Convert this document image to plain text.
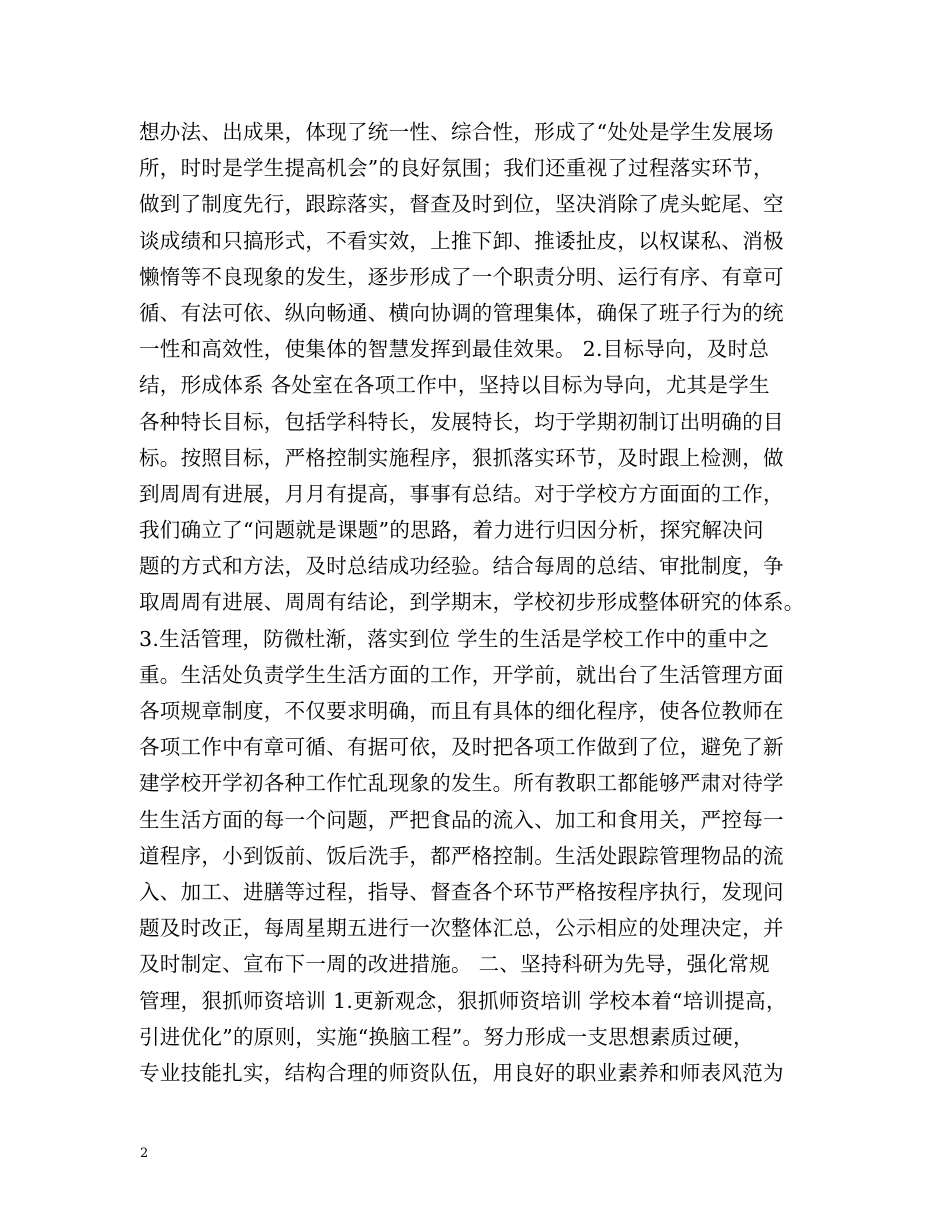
想办法、出成果，体现了统一性、综合性，形成了“处处是学生发展场
所，时时是学生提高机会”的良好氛围；我们还重视了过程落实环节，
做到了制度先行，跟踪落实，督查及时到位，坚决消除了虎头蛇尾、空
谈成绩和只搞形式，不看实效，上推下卸、推诿扯皮，以权谋私、消极
懒惰等不良现象的发生，逐步形成了一个职责分明、运行有序、有章可
循、有法可依、纵向畅通、横向协调的管理集体，确保了班子行为的统
一性和高效性，使集体的智慧发挥到最佳效果。 2.目标导向，及时总
结，形成体系 各处室在各项工作中，坚持以目标为导向，尤其是学生
各种特长目标，包括学科特长，发展特长，均于学期初制订出明确的目
标。按照目标，严格控制实施程序，狠抓落实环节，及时跟上检测，做
到周周有进展，月月有提高，事事有总结。对于学校方方面面的工作，
我们确立了“问题就是课题”的思路，着力进行归因分析，探究解决问
题的方式和方法，及时总结成功经验。结合每周的总结、审批制度，争
取周周有进展、周周有结论，到学期末，学校初步形成整体研究的体系。
3.生活管理，防微杜渐，落实到位 学生的生活是学校工作中的重中之
重。生活处负责学生生活方面的工作，开学前，就出台了生活管理方面
各项规章制度，不仅要求明确，而且有具体的细化程序，使各位教师在
各项工作中有章可循、有据可依，及时把各项工作做到了位，避免了新
建学校开学初各种工作忙乱现象的发生。所有教职工都能够严肃对待学
生生活方面的每一个问题，严把食品的流入、加工和食用关，严控每一
道程序，小到饭前、饭后洗手，都严格控制。生活处跟踪管理物品的流
入、加工、进膳等过程，指导、督查各个环节严格按程序执行，发现问
题及时改正，每周星期五进行一次整体汇总，公示相应的处理决定，并
及时制定、宣布下一周的改进措施。 二、坚持科研为先导，强化常规
管理，狠抓师资培训 1.更新观念，狠抓师资培训 学校本着“培训提高，
引进优化”的原则，实施“换脑工程”。努力形成一支思想素质过硬，
专业技能扎实，结构合理的师资队伍，用良好的职业素养和师表风范为
2
